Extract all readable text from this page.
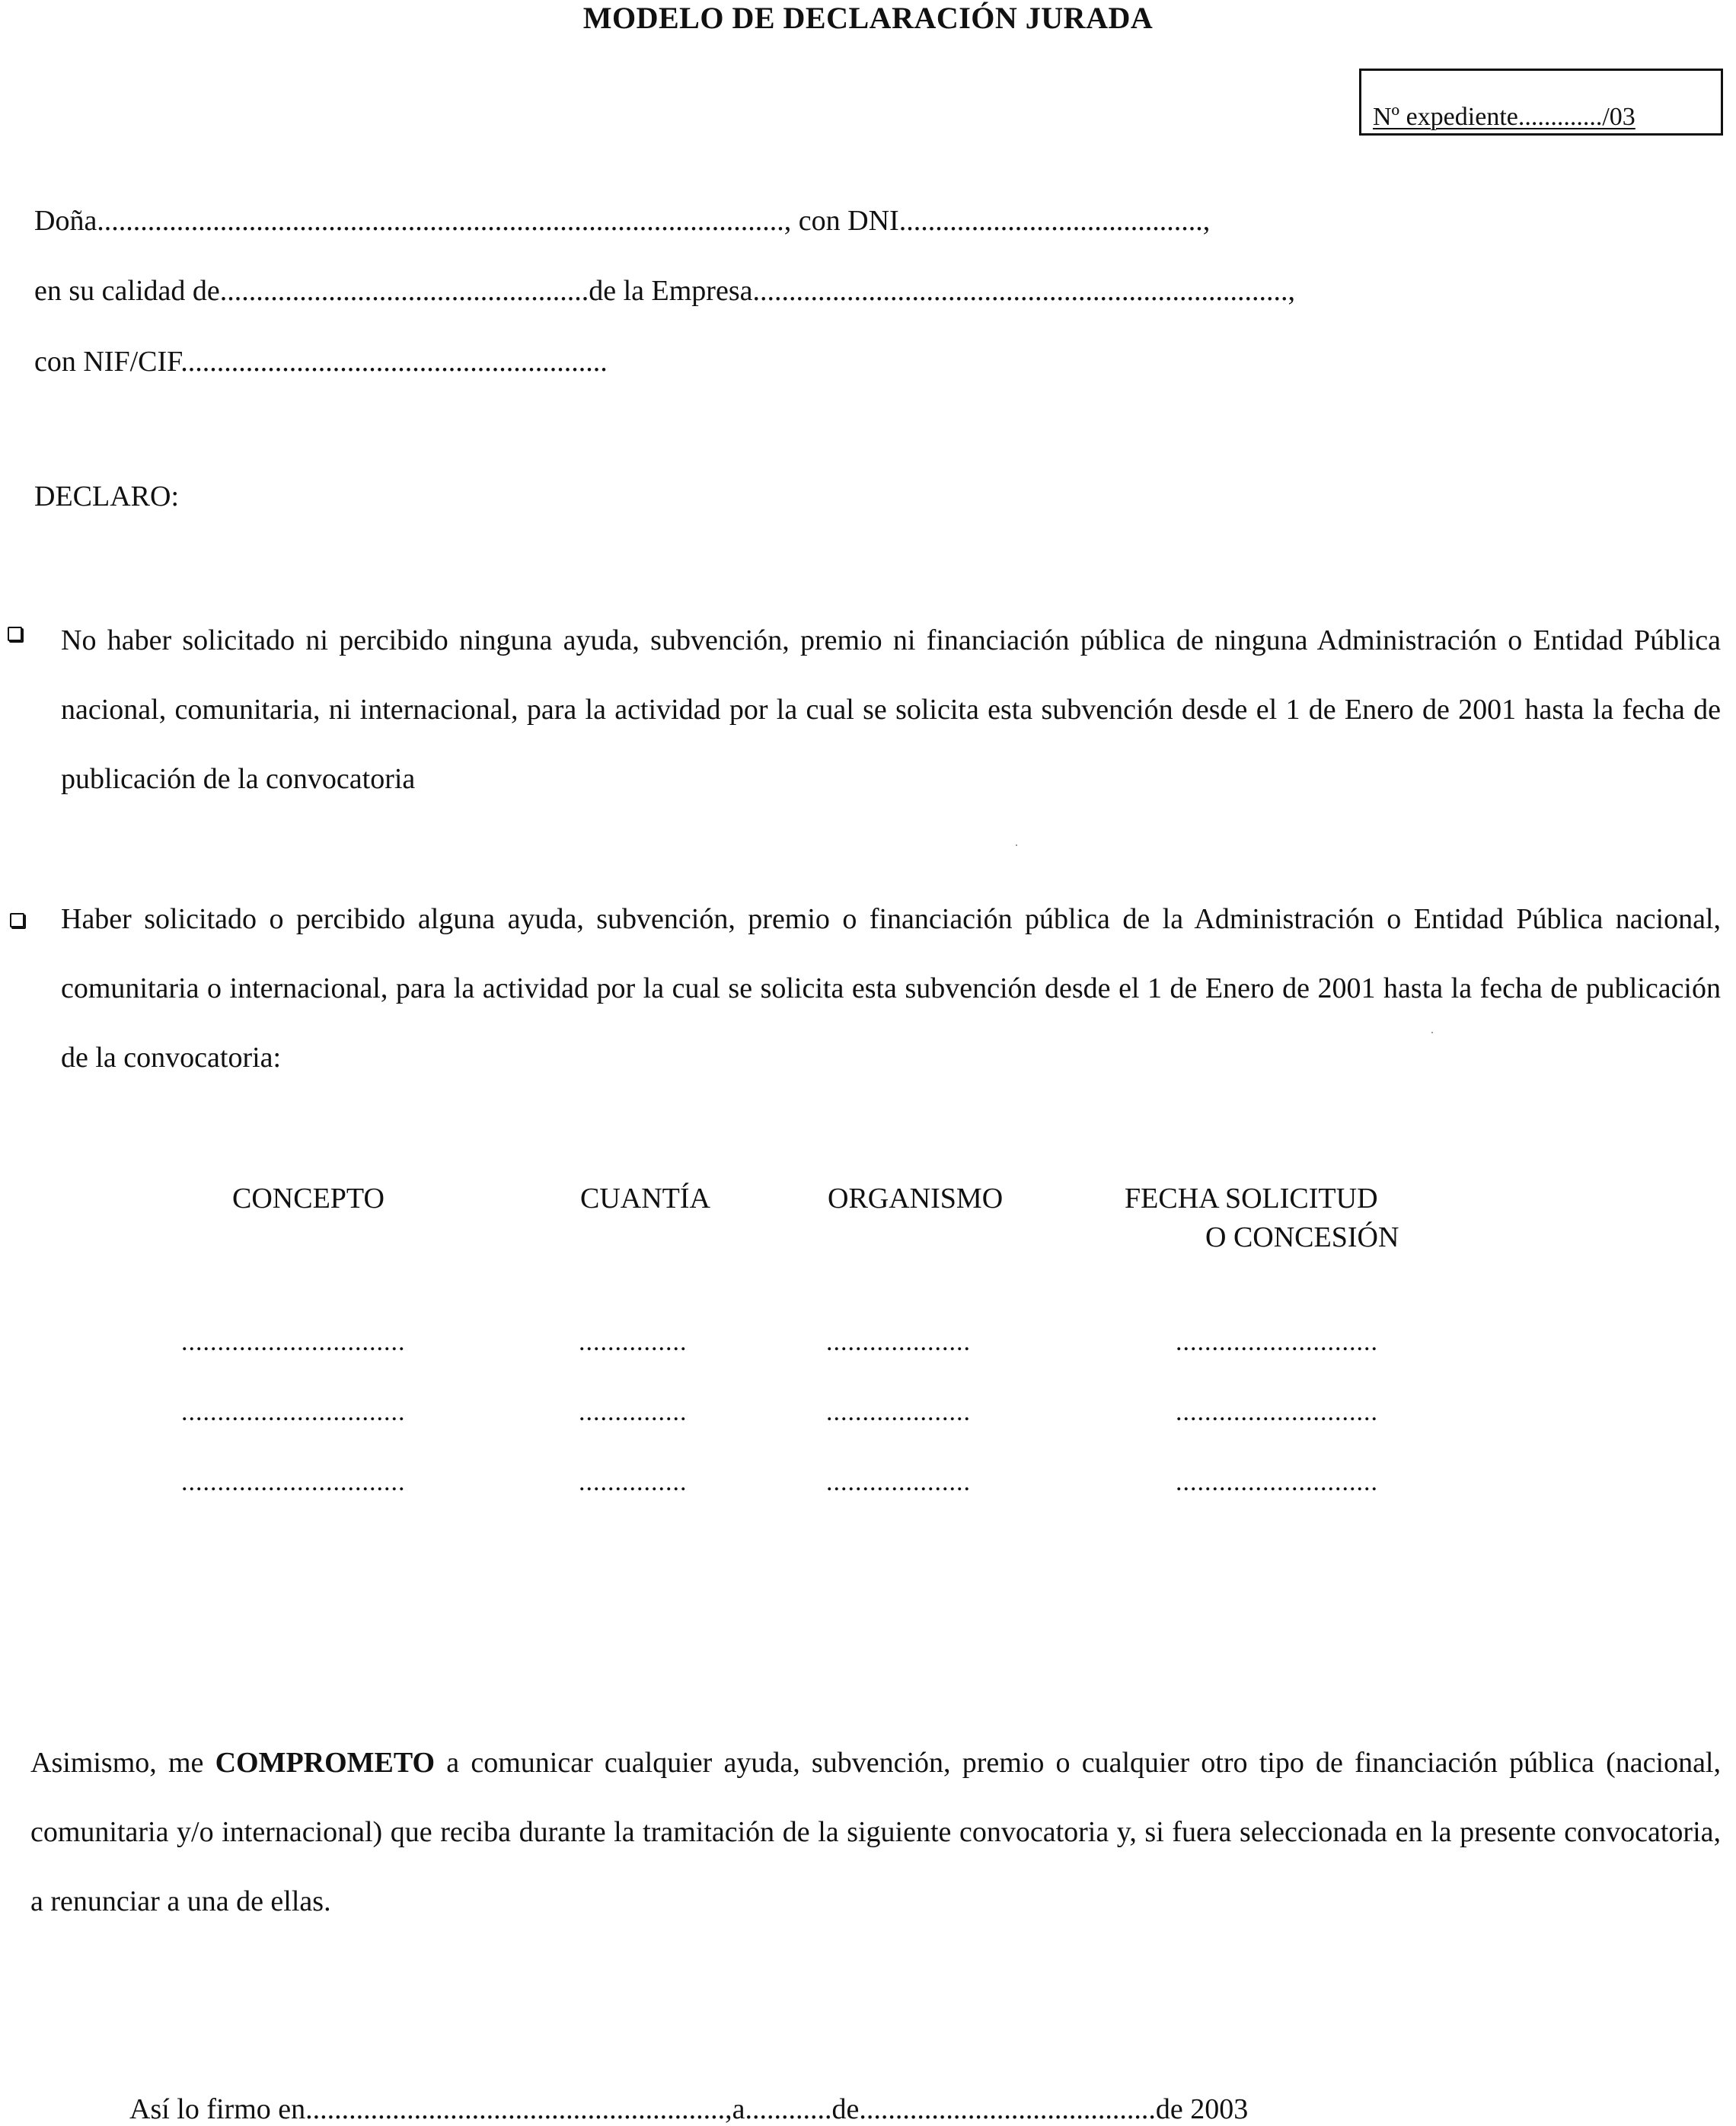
MODELO DE DECLARACIÓN JURADA
Nº expediente............./03
Doña..............................................................................................., con DNI..........................................,
en su calidad de...................................................de la Empresa..........................................................................,
con NIF/CIF...........................................................
DECLARO:
No haber solicitado ni percibido ninguna ayuda, subvención, premio ni financiación pública de ninguna Administración o Entidad Pública nacional, comunitaria, ni internacional, para la actividad por la cual se solicita esta subvención desde el 1 de Enero de 2001 hasta la fecha de publicación de la convocatoria
Haber solicitado o percibido alguna ayuda, subvención, premio o financiación pública de la Administración o Entidad Pública nacional, comunitaria o internacional, para la actividad por la cual se solicita esta subvención desde el 1 de Enero de 2001 hasta la fecha de publicación de la convocatoria:
CONCEPTO	CUANTÍA	ORGANISMO	FECHA SOLICITUD
O CONCESIÓN
...............................	...............	....................	............................
...............................	...............	....................	............................
...............................	...............	....................	............................
Asimismo, me COMPROMETO a comunicar cualquier ayuda, subvención, premio o cualquier otro tipo de financiación pública (nacional, comunitaria y/o internacional) que reciba durante la tramitación de la siguiente convocatoria y, si fuera seleccionada en la presente convocatoria, a renunciar a una de ellas.
Así lo firmo en..........................................................,a............de.........................................de 2003
